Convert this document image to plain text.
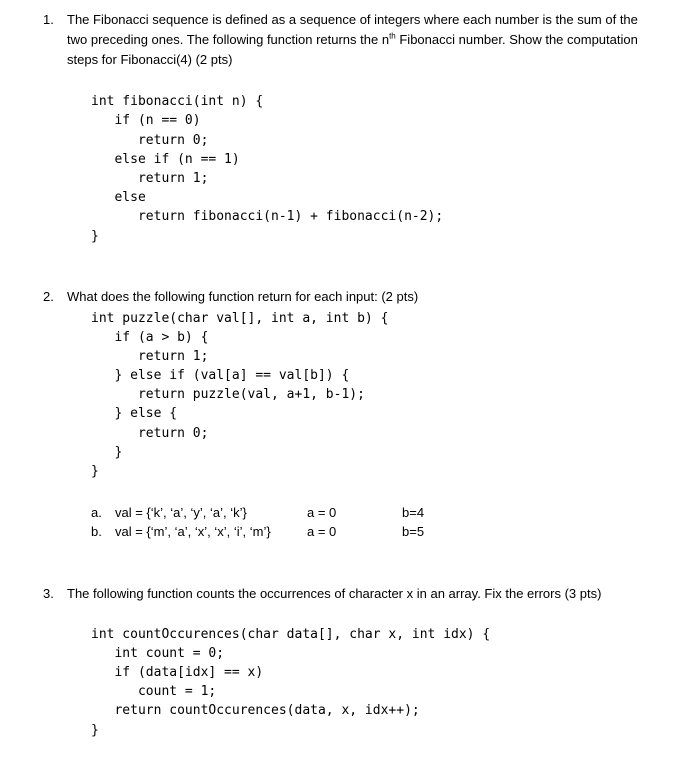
1. The Fibonacci sequence is defined as a sequence of integers where each number is the sum of the two preceding ones. The following function returns the $n^{th}$ Fibonacci number. Show the computation steps for Fibonacci(4) (2 pts)
int fibonacci(int n) {
if (n == 0)
return 0;
else if (n == 1)
return 1;
else
return fibonacci(n-1) + fibonacci(n-2);
}
2. What does the following function return for each input: (2 pts)
int puzzle(char val[], int a, int b) {
if (a > b) {
return 1;
} else if (val[a] == val[b]) {
return puzzle(val, a+1, b-1);
} else {
return 0;
}
}
a. val = {‘k’, ‘a’, ‘y’, ‘a’, ‘k’}	a = 0	b=4
b. val = {‘m’, ‘a’, ‘x’, ‘x’, ‘i’, ‘m’}	a = 0	b=5
3. The following function counts the occurrences of character x in an array. Fix the errors (3 pts)
int countOccurences(char data[], char x, int idx) {
int count = 0;
if (data[idx] == x)
count = 1;
return countOccurences(data, x, idx++);
}
